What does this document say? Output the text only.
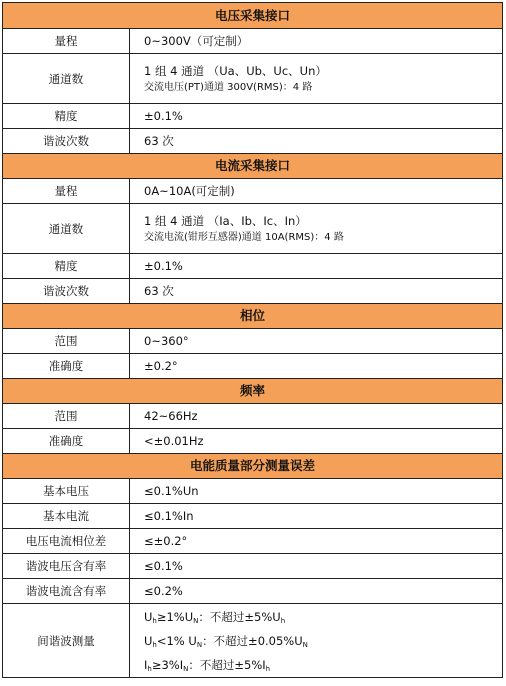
电压采集接口	
量程	0~300V（可定制）
通道数	1 组 4 通道 （Ua、Ub、Uc、Un）
交流电压(PT)通道 300V(RMS)：4 路

精度	±0.1%
谐波次数	63 次
电流采集接口	
量程	0A~10A(可定制)
通道数	1 组 4 通道 （Ia、Ib、Ic、In）
交流电流(钳形互感器)通道 10A(RMS)：4 路

精度	±0.1%
谐波次数	63 次
相位	
范围	0~360°
准确度	±0.2°
频率	
范围	42~66Hz
准确度	<±0.01Hz
电能质量部分测量误差	
基本电压	≤0.1%Un
基本电流	≤0.1%In
电压电流相位差	≤±0.2°
谐波电压含有率	≤0.1%
谐波电流含有率	≤0.2%
间谐波测量	$U_h\ge 1\%U_N$：不超过$\pm 5\%U_h$
$U_h<1\%$ $U_N$：不超过$\pm 0.05\%U_N$
$I_h\ge 3\%I_N$：不超过$\pm 5\%I_h$
